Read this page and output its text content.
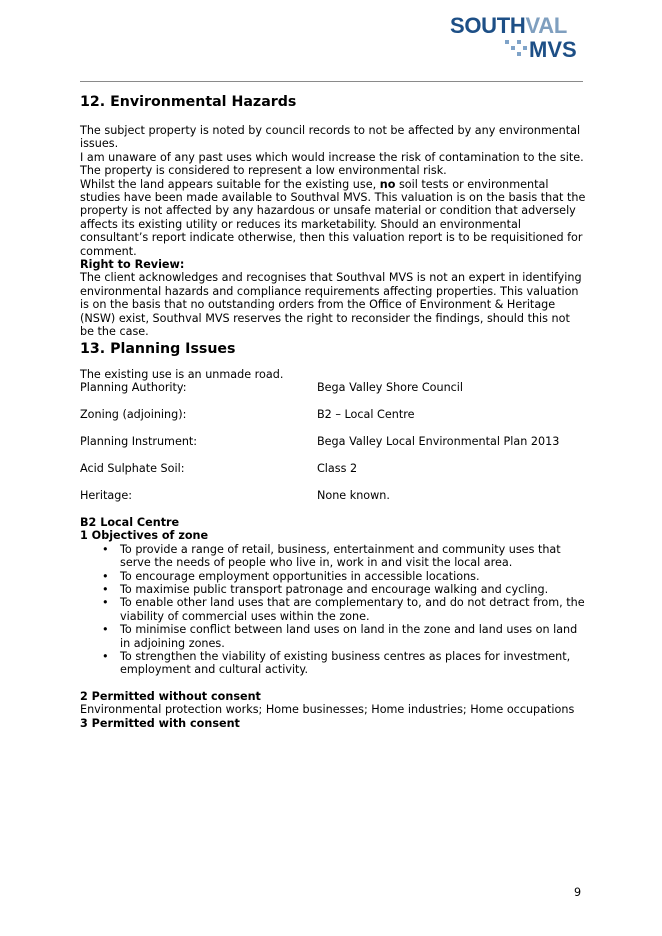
SOUTHVAL
MVS
12. Environmental Hazards

The subject property is noted by council records to not be affected by any environmental issues.

I am unaware of any past uses which would increase the risk of contamination to the site.

The property is considered to represent a low environmental risk.

Whilst the land appears suitable for the existing use, no soil tests or environmental studies have been made available to Southval MVS. This valuation is on the basis that the property is not affected by any hazardous or unsafe material or condition that adversely affects its existing utility or reduces its marketability. Should an environmental consultant’s report indicate otherwise, then this valuation report is to be requisitioned for comment.

Right to Review:

The client acknowledges and recognises that Southval MVS is not an expert in identifying environmental hazards and compliance requirements affecting properties. This valuation is on the basis that no outstanding orders from the Office of Environment & Heritage (NSW) exist, Southval MVS reserves the right to reconsider the findings, should this not be the case.

13. Planning Issues

The existing use is an unmade road.

Planning Authority:	Bega Valley Shore Council
Zoning (adjoining):	B2 – Local Centre
Planning Instrument:	Bega Valley Local Environmental Plan 2013
Acid Sulphate Soil:	Class 2
Heritage:	None known.

B2 Local Centre

1 Objectives of zone

• To provide a range of retail, business, entertainment and community uses that serve the needs of people who live in, work in and visit the local area.
• To encourage employment opportunities in accessible locations.
• To maximise public transport patronage and encourage walking and cycling.
• To enable other land uses that are complementary to, and do not detract from, the viability of commercial uses within the zone.
• To minimise conflict between land uses on land in the zone and land uses on land in adjoining zones.
• To strengthen the viability of existing business centres as places for investment, employment and cultural activity.

2 Permitted without consent

Environmental protection works; Home businesses; Home industries; Home occupations

3 Permitted with consent

9
